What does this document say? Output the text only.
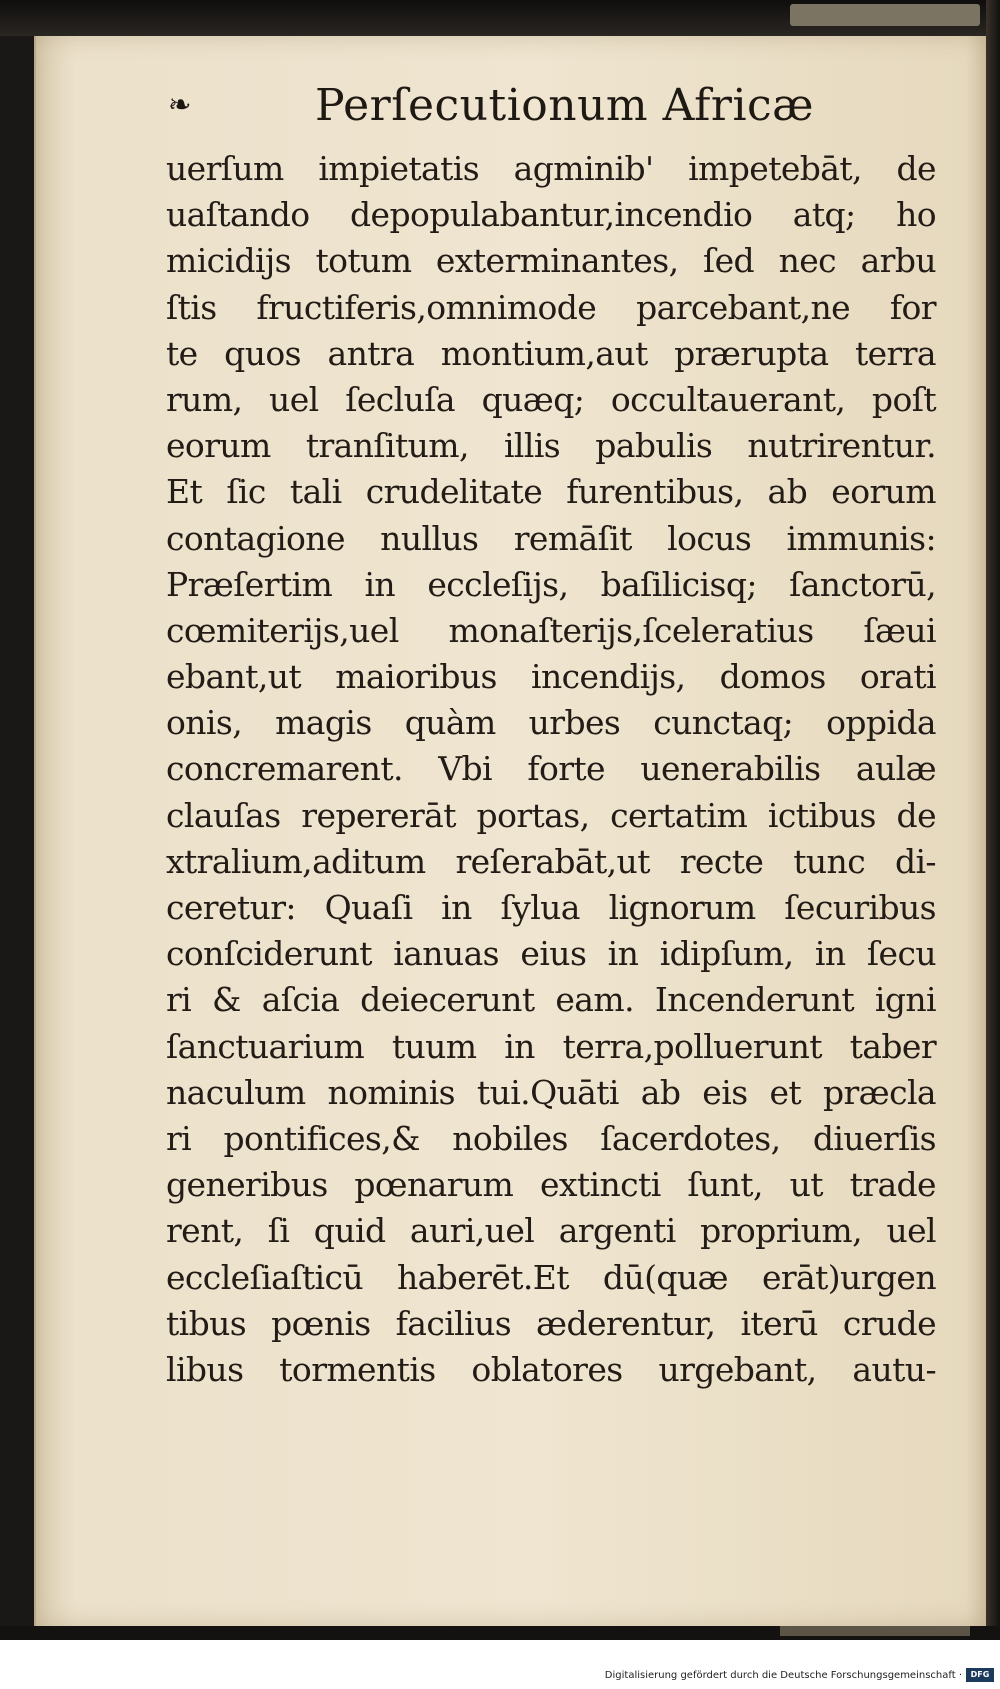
❧	Perſecutionum Africæ
uerſum impietatis agminib' impetebāt, de
uaſtando depopulabantur,incendio atq; ho
micidijs totum exterminantes, ſed nec arbu
ſtis fructiferis,omnimode parcebant,ne for
te quos antra montium,aut prærupta terra
rum, uel ſecluſa quæq; occultauerant, poſt
eorum tranſitum, illis pabulis nutrirentur.
Et ſic tali crudelitate furentibus, ab eorum
contagione nullus remāſit locus immunis:
Præſertim in eccleſijs, baſilicisq; ſanctorū,
cœmiterijs,uel monaſterijs,ſceleratius ſæui
ebant,ut maioribus incendijs, domos orati
onis, magis quàm urbes cunctaq; oppida
concremarent. Vbi forte uenerabilis aulæ
clauſas repererāt portas, certatim ictibus de
xtralium,aditum reſerabāt,ut recte tunc di-
ceretur: Quaſi in ſylua lignorum ſecuribus
conſciderunt ianuas eius in idipſum, in ſecu
ri & aſcia deiecerunt eam. Incenderunt igni
ſanctuarium tuum in terra,polluerunt taber
naculum nominis tui.Quāti ab eis et præcla
ri pontifices,& nobiles ſacerdotes, diuerſis
generibus pœnarum extincti ſunt, ut trade
rent, ſi quid auri,uel argenti proprium, uel
eccleſiaſticū haberēt.Et dū(quæ erāt)urgen
tibus pœnis facilius æderentur, iterū crude
libus tormentis oblatores urgebant, autu-
Digitalisierung gefördert durch die Deutsche Forschungsgemeinschaft ·	DFG
